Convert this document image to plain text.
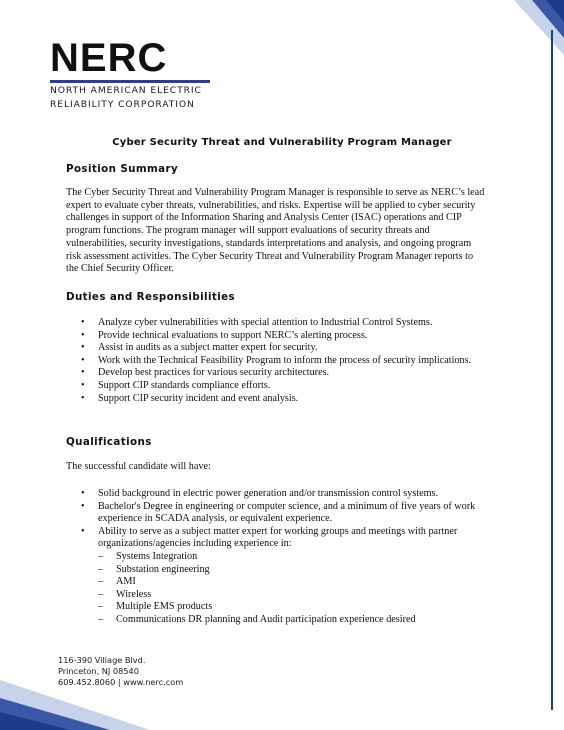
NERC
NORTH AMERICAN ELECTRIC
RELIABILITY CORPORATION
Cyber Security Threat and Vulnerability Program Manager
Position Summary
The Cyber Security Threat and Vulnerability Program Manager is responsible to serve as NERC’s lead expert to evaluate cyber threats, vulnerabilities, and risks. Expertise will be applied to cyber security challenges in support of the Information Sharing and Analysis Center (ISAC) operations and CIP program functions. The program manager will support evaluations of security threats and vulnerabilities, security investigations, standards interpretations and analysis, and ongoing program risk assessment activities. The Cyber Security Threat and Vulnerability Program Manager reports to the Chief Security Officer.
Duties and Responsibilities
• Analyze cyber vulnerabilities with special attention to Industrial Control Systems.
• Provide technical evaluations to support NERC’s alerting process.
• Assist in audits as a subject matter expert for security.
• Work with the Technical Feasibility Program to inform the process of security implications.
• Develop best practices for various security architectures.
• Support CIP standards compliance efforts.
• Support CIP security incident and event analysis.
Qualifications
The successful candidate will have:
• Solid background in electric power generation and/or transmission control systems.
• Bachelor's Degree in engineering or computer science, and a minimum of five years of work experience in SCADA analysis, or equivalent experience.
• Ability to serve as a subject matter expert for working groups and meetings with partner organizations/agencies including experience in:
– Systems Integration
– Substation engineering
– AMI
– Wireless
– Multiple EMS products
– Communications DR planning and Audit participation experience desired
116-390 Village Blvd.
Princeton, NJ 08540
609.452.8060 | www.nerc.com
